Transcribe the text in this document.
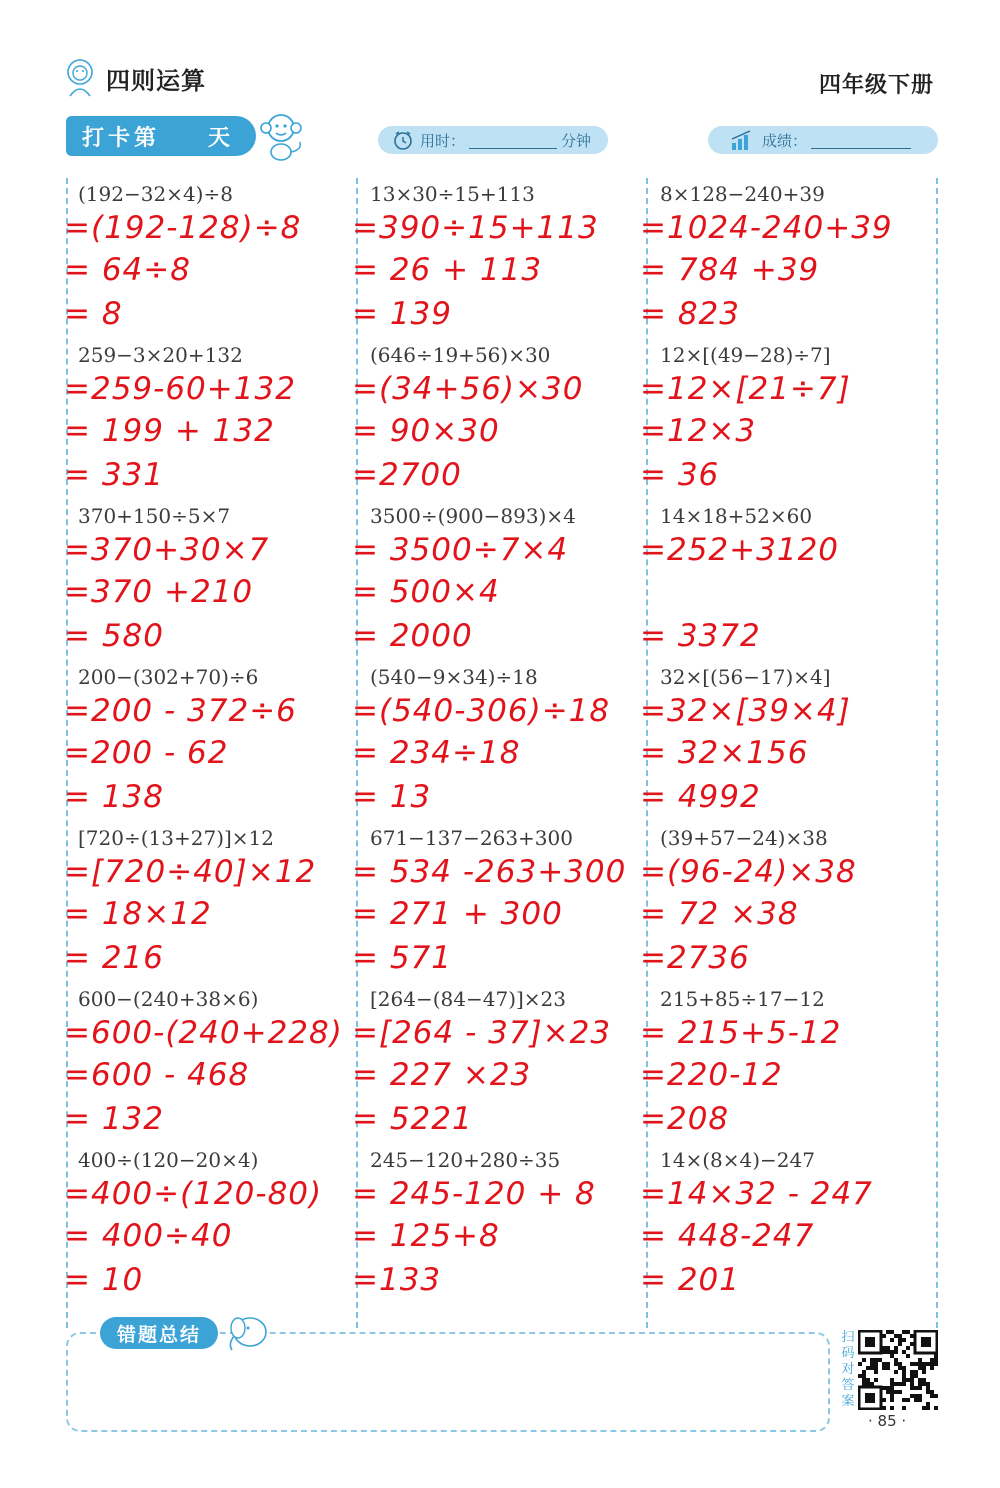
四则运算	四年级下册
打卡第 天	用时：	分钟	成绩：
(192−32×4)÷8
=(192-128)÷8
= 64÷8
= 8
259−3×20+132
=259-60+132
= 199 + 132
= 331
370+150÷5×7
=370+30×7
=370 +210
= 580
200−(302+70)÷6
=200 - 372÷6
=200 - 62
= 138
[720÷(13+27)]×12
=[720÷40]×12
= 18×12
= 216
600−(240+38×6)
=600-(240+228)
=600 - 468
= 132
400÷(120−20×4)
=400÷(120-80)
= 400÷40
= 10
13×30÷15+113
=390÷15+113
= 26 + 113
= 139
(646÷19+56)×30
=(34+56)×30
= 90×30
=2700
3500÷(900−893)×4
= 3500÷7×4
= 500×4
= 2000
(540−9×34)÷18
=(540-306)÷18
= 234÷18
= 13
671−137−263+300
= 534 -263+300
= 271 + 300
= 571
[264−(84−47)]×23
=[264 - 37]×23
= 227 ×23
= 5221
245−120+280÷35
= 245-120 + 8
= 125+8
=133
8×128−240+39
=1024-240+39
= 784 +39
= 823
12×[(49−28)÷7]
=12×[21÷7]
=12×3
= 36
14×18+52×60
=252+3120
= 3372
32×[(56−17)×4]
=32×[39×4]
= 32×156
= 4992
(39+57−24)×38
=(96-24)×38
= 72 ×38
=2736
215+85÷17−12
= 215+5-12
=220-12
=208
14×(8×4)−247
=14×32 - 247
= 448-247
= 201
错题总结	扫码对答案
· 85 ·
